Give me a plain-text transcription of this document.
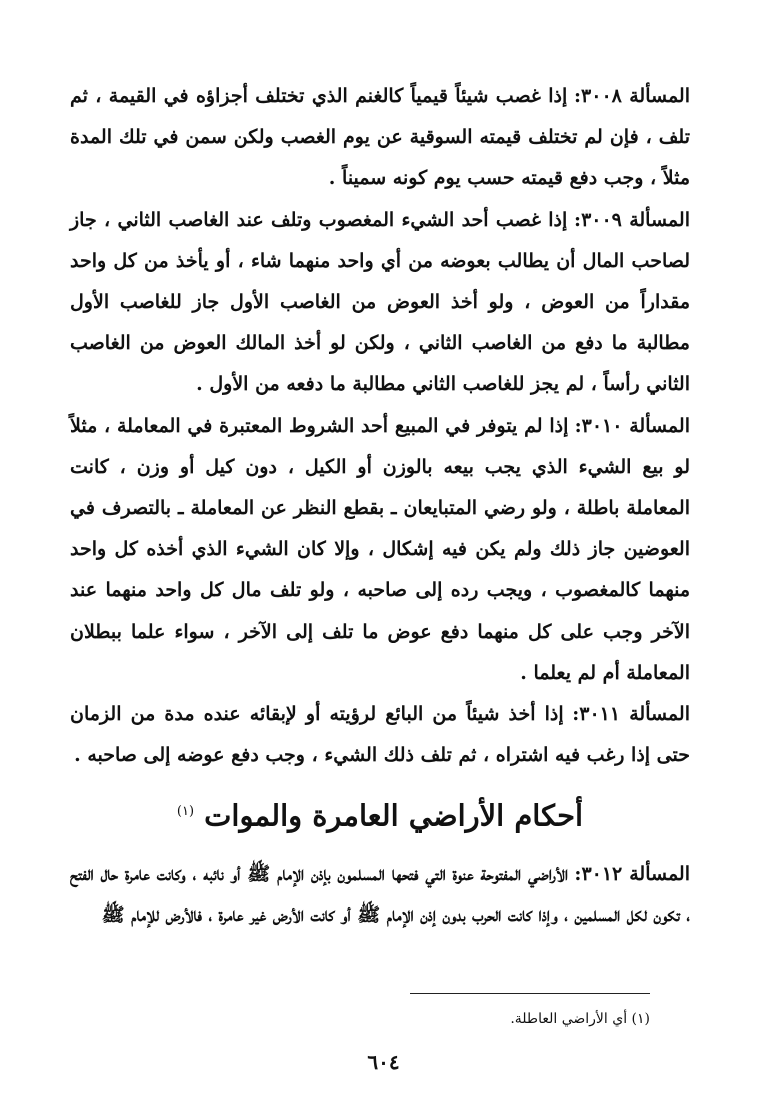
المسألة ٣٠٠٨: إذا غصب شيئاً قيمياً كالغنم الذي تختلف أجزاؤه في القيمة ، ثم تلف ، فإن لم تختلف قيمته السوقية عن يوم الغصب ولكن سمن في تلك المدة مثلاً ، وجب دفع قيمته حسب يوم كونه سميناً .

المسألة ٣٠٠٩: إذا غصب أحد الشيء المغصوب وتلف عند الغاصب الثاني ، جاز لصاحب المال أن يطالب بعوضه من أي واحد منهما شاء ، أو يأخذ من كل واحد مقداراً من العوض ، ولو أخذ العوض من الغاصب الأول جاز للغاصب الأول مطالبة ما دفع من الغاصب الثاني ، ولكن لو أخذ المالك العوض من الغاصب الثاني رأساً ، لم يجز للغاصب الثاني مطالبة ما دفعه من الأول .

المسألة ٣٠١٠: إذا لم يتوفر في المبيع أحد الشروط المعتبرة في المعاملة ، مثلاً لو بيع الشيء الذي يجب بيعه بالوزن أو الكيل ، دون كيل أو وزن ، كانت المعاملة باطلة ، ولو رضي المتبايعان ـ بقطع النظر عن المعاملة ـ بالتصرف في العوضين جاز ذلك ولم يكن فيه إشكال ، وإلا كان الشيء الذي أخذه كل واحد منهما كالمغصوب ، ويجب رده إلى صاحبه ، ولو تلف مال كل واحد منهما عند الآخر وجب على كل منهما دفع عوض ما تلف إلى الآخر ، سواء علما ببطلان المعاملة أم لم يعلما .

المسألة ٣٠١١: إذا أخذ شيئاً من البائع لرؤيته أو لإبقائه عنده مدة من الزمان حتى إذا رغب فيه اشتراه ، ثم تلف ذلك الشيء ، وجب دفع عوضه إلى صاحبه .

أحكام الأراضي العامرة والموات $^{(١)}$

المسألة ٣٠١٢: الأراضي المفتوحة عنوة التي فتحها المسلمون بإذن الإمام ﷺ أو نائبه ، وكانت عامرة حال الفتح ، تكون لكل المسلمين ، وإذا كانت الحرب بدون إذن الإمام ﷺ أو كانت الأرض غير عامرة ، فالأرض للإمام ﷺ

(١) أي الأراضي العاطلة.
٦٠٤
